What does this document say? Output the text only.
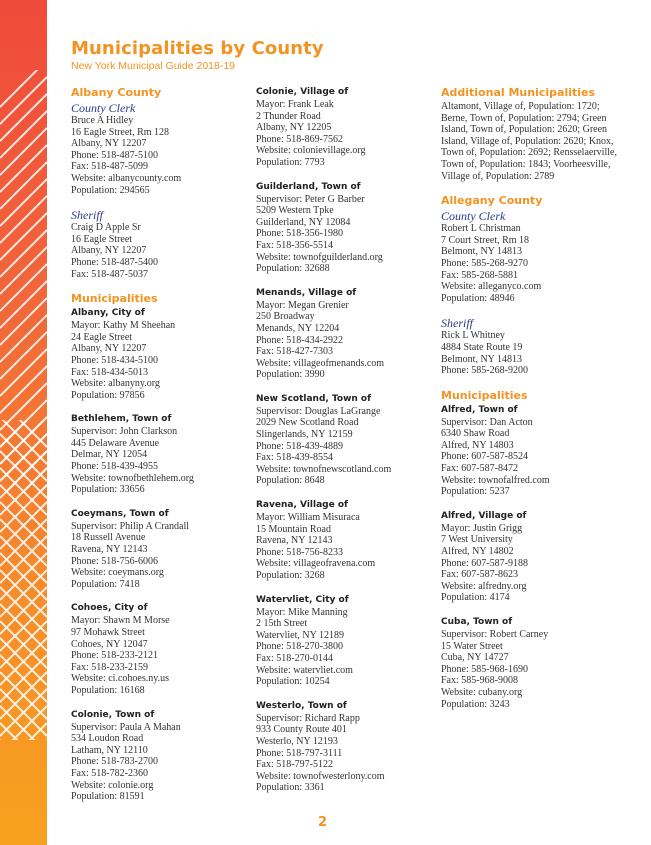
Municipalities by County
New York Municipal Guide 2018-19
Albany County
County Clerk
Bruce A Hidley
16 Eagle Street, Rm 128
Albany, NY 12207
Phone: 518-487-5100
Fax: 518-487-5099
Website: albanycounty.com
Population: 294565
Sheriff
Craig D Apple Sr
16 Eagle Street
Albany, NY 12207
Phone: 518-487-5400
Fax: 518-487-5037
Municipalities
Albany, City of
Mayor: Kathy M Sheehan
24 Eagle Street
Albany, NY 12207
Phone: 518-434-5100
Fax: 518-434-5013
Website: albanyny.org
Population: 97856
Bethlehem, Town of
Supervisor: John Clarkson
445 Delaware Avenue
Delmar, NY 12054
Phone: 518-439-4955
Website: townofbethlehem.org
Population: 33656
Coeymans, Town of
Supervisor: Philip A Crandall
18 Russell Avenue
Ravena, NY 12143
Phone: 518-756-6006
Website: coeymans.org
Population: 7418
Cohoes, City of
Mayor: Shawn M Morse
97 Mohawk Street
Cohoes, NY 12047
Phone: 518-233-2121
Fax: 518-233-2159
Website: ci.cohoes.ny.us
Population: 16168
Colonie, Town of
Supervisor: Paula A Mahan
534 Loudon Road
Latham, NY 12110
Phone: 518-783-2700
Fax: 518-782-2360
Website: colonie.org
Population: 81591
Colonie, Village of
Mayor: Frank Leak
2 Thunder Road
Albany, NY 12205
Phone: 518-869-7562
Website: colonievillage.org
Population: 7793
Guilderland, Town of
Supervisor: Peter G Barber
5209 Western Tpke
Guilderland, NY 12084
Phone: 518-356-1980
Fax: 518-356-5514
Website: townofguilderland.org
Population: 32688
Menands, Village of
Mayor: Megan Grenier
250 Broadway
Menands, NY 12204
Phone: 518-434-2922
Fax: 518-427-7303
Website: villageofmenands.com
Population: 3990
New Scotland, Town of
Supervisor: Douglas LaGrange
2029 New Scotland Road
Slingerlands, NY 12159
Phone: 518-439-4889
Fax: 518-439-8554
Website: townofnewscotland.com
Population: 8648
Ravena, Village of
Mayor: William Misuraca
15 Mountain Road
Ravena, NY 12143
Phone: 518-756-8233
Website: villageofravena.com
Population: 3268
Watervliet, City of
Mayor: Mike Manning
2 15th Street
Watervliet, NY 12189
Phone: 518-270-3800
Fax: 518-270-0144
Website: watervliet.com
Population: 10254
Westerlo, Town of
Supervisor: Richard Rapp
933 County Route 401
Westerlo, NY 12193
Phone: 518-797-3111
Fax: 518-797-5122
Website: townofwesterlony.com
Population: 3361
Additional Municipalities
Altamont, Village of, Population: 1720;
Berne, Town of, Population: 2794; Green
Island, Town of, Population: 2620; Green
Island, Village of, Population: 2620; Knox,
Town of, Population: 2692; Rensselaerville,
Town of, Population: 1843; Voorheesville,
Village of, Population: 2789
Allegany County
County Clerk
Robert L Christman
7 Court Street, Rm 18
Belmont, NY 14813
Phone: 585-268-9270
Fax: 585-268-5881
Website: alleganyco.com
Population: 48946
Sheriff
Rick L Whitney
4884 State Route 19
Belmont, NY 14813
Phone: 585-268-9200
Municipalities
Alfred, Town of
Supervisor: Dan Acton
6340 Shaw Road
Alfred, NY 14803
Phone: 607-587-8524
Fax: 607-587-8472
Website: townofalfred.com
Population: 5237
Alfred, Village of
Mayor: Justin Grigg
7 West University
Alfred, NY 14802
Phone: 607-587-9188
Fax: 607-587-8623
Website: alfredny.org
Population: 4174
Cuba, Town of
Supervisor: Robert Carney
15 Water Street
Cuba, NY 14727
Phone: 585-968-1690
Fax: 585-968-9008
Website: cubany.org
Population: 3243
2
